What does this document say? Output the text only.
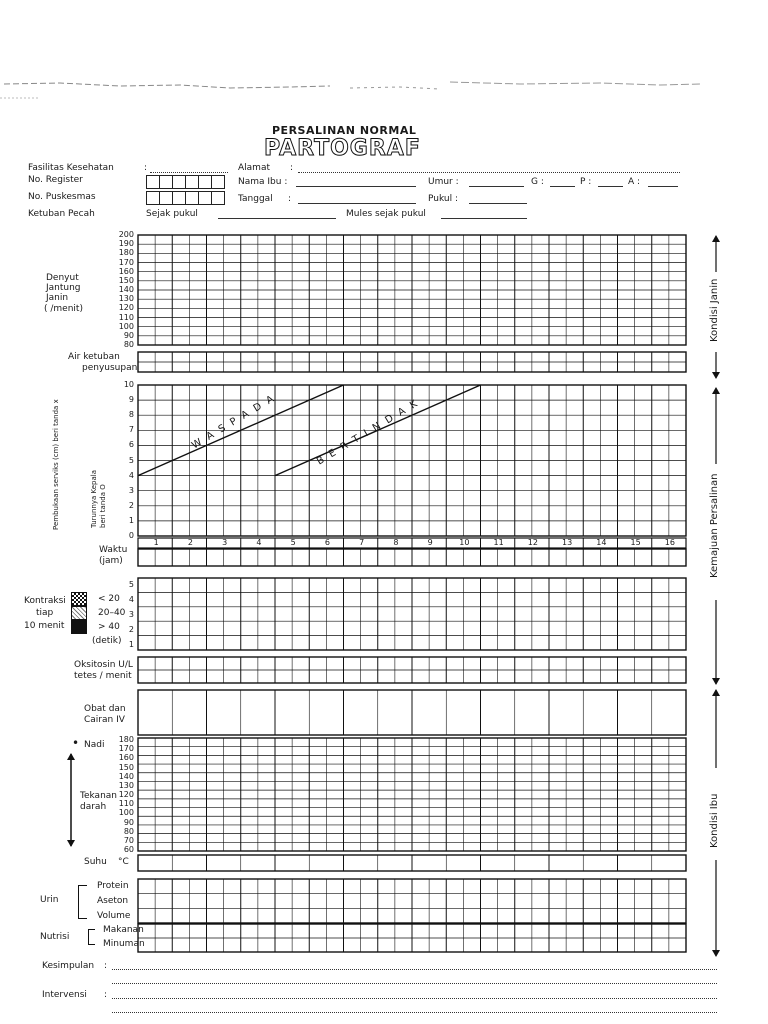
PERSALINAN NORMAL
PARTOGRAF
Fasilitas Kesehatan	:	Alamat :
No. Register	Nama Ibu :	Umur :	G :	P :	A :
No. Puskesmas	Tanggal :	Pukul :
Ketuban Pecah	Sejak pukul	Mules sejak pukul
Denyut
Jantung
Janin
( /menit)
200
190
180
170
160
150
140
130
120
110
100
90
80
Air ketuban
penyusupan
Pembukaan serviks (cm) beri tanda x	Turunnya Kepala beri tanda O
10
9
8
7
6
5
4
3
2
1
0
W A S P A D A	B E R T I N D A K
1	2	3	4	5	6	7	8	9	10	11	12	13	14	15	16
Waktu
(jam)
Kontraksi
tiap
10 menit
< 20
20–40
> 40
(detik)
5
4
3
2
1
Oksitosin U/L
tetes / menit
Obat dan
Cairan IV
• Nadi
Tekanan
darah
180
170
160
150
140
130
120
110
100
90
80
70
60
Suhu °C
Urin
Protein
Aseton
Volume
Nutrisi
Makanan
Minuman
Kesimpulan :
Intervensi :
Kondisi Janin
Kemajuan Persalinan
Kondisi Ibu
